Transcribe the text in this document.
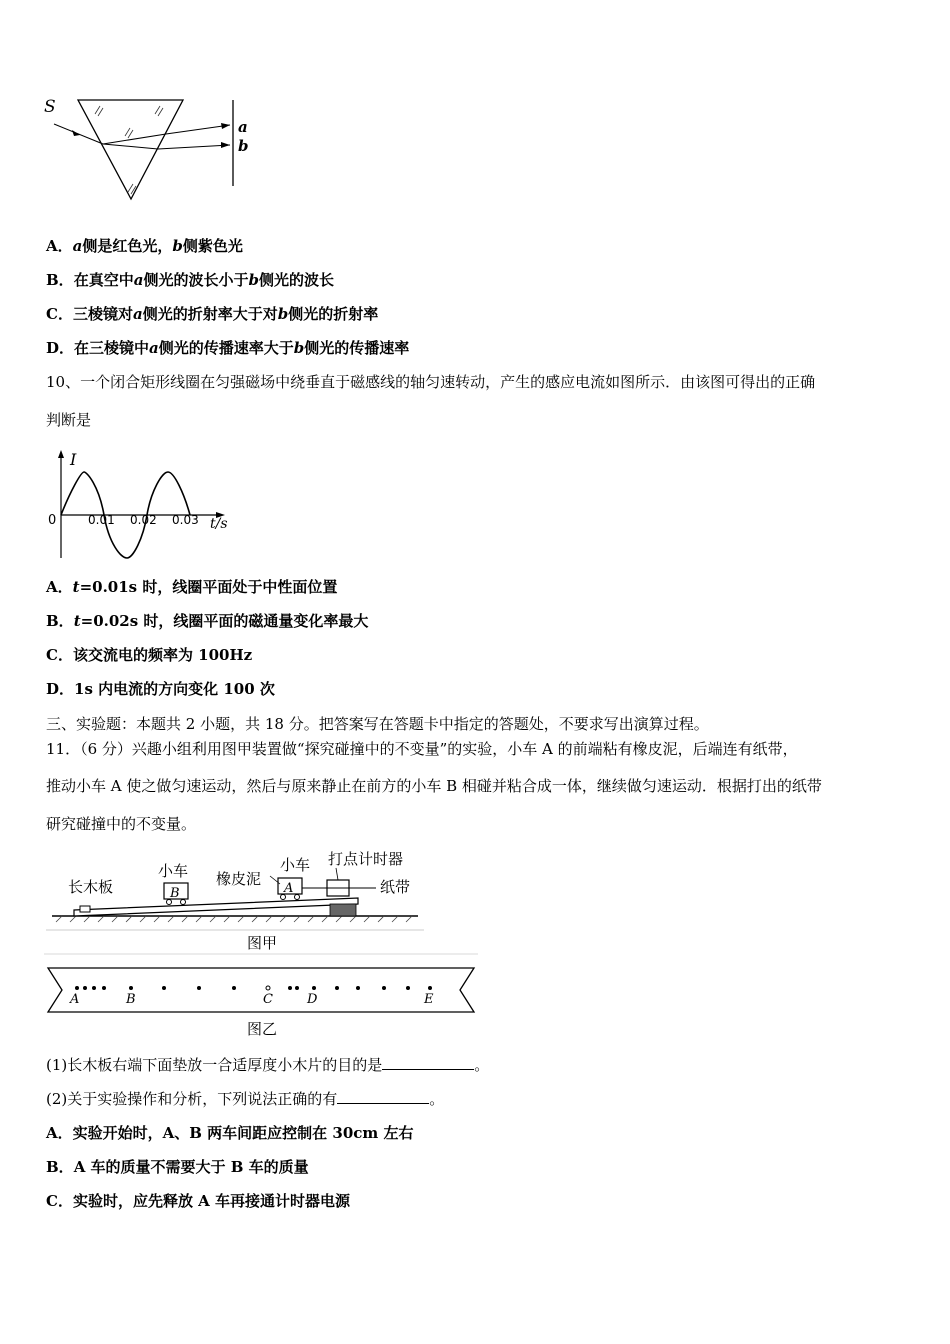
S
a
b
A．a侧是红色光，b侧紫色光
B．在真空中a侧光的波长小于b侧光的波长
C．三棱镜对a侧光的折射率大于对b侧光的折射率
D．在三棱镜中a侧光的传播速率大于b侧光的传播速率
10、一个闭合矩形线圈在匀强磁场中绕垂直于磁感线的轴匀速转动，产生的感应电流如图所示．由该图可得出的正确
判断是
I
0	0.01 0.02 0.03 t/s
A．t=0.01s 时，线圈平面处于中性面位置
B．t=0.02s 时，线圈平面的磁通量变化率最大
C．该交流电的频率为 100Hz
D．1s 内电流的方向变化 100 次
三、实验题：本题共 2 小题，共 18 分。把答案写在答题卡中指定的答题处，不要求写出演算过程。
11．（6 分）兴趣小组利用图甲装置做“探究碰撞中的不变量”的实验，小车 A 的前端粘有橡皮泥，后端连有纸带，
推动小车 A 使之做匀速运动，然后与原来静止在前方的小车 B 相碰并粘合成一体，继续做匀速运动．根据打出的纸带
研究碰撞中的不变量。
长木板
小车
B
橡皮泥
小车
A
打点计时器
纸带
图甲
A	B	C	D	E
图乙
(1)长木板右端下面垫放一合适厚度小木片的目的是	。
(2)关于实验操作和分析，下列说法正确的有	。
A．实验开始时，A、B 两车间距应控制在 30cm 左右
B．A 车的质量不需要大于 B 车的质量
C．实验时，应先释放 A 车再接通计时器电源
